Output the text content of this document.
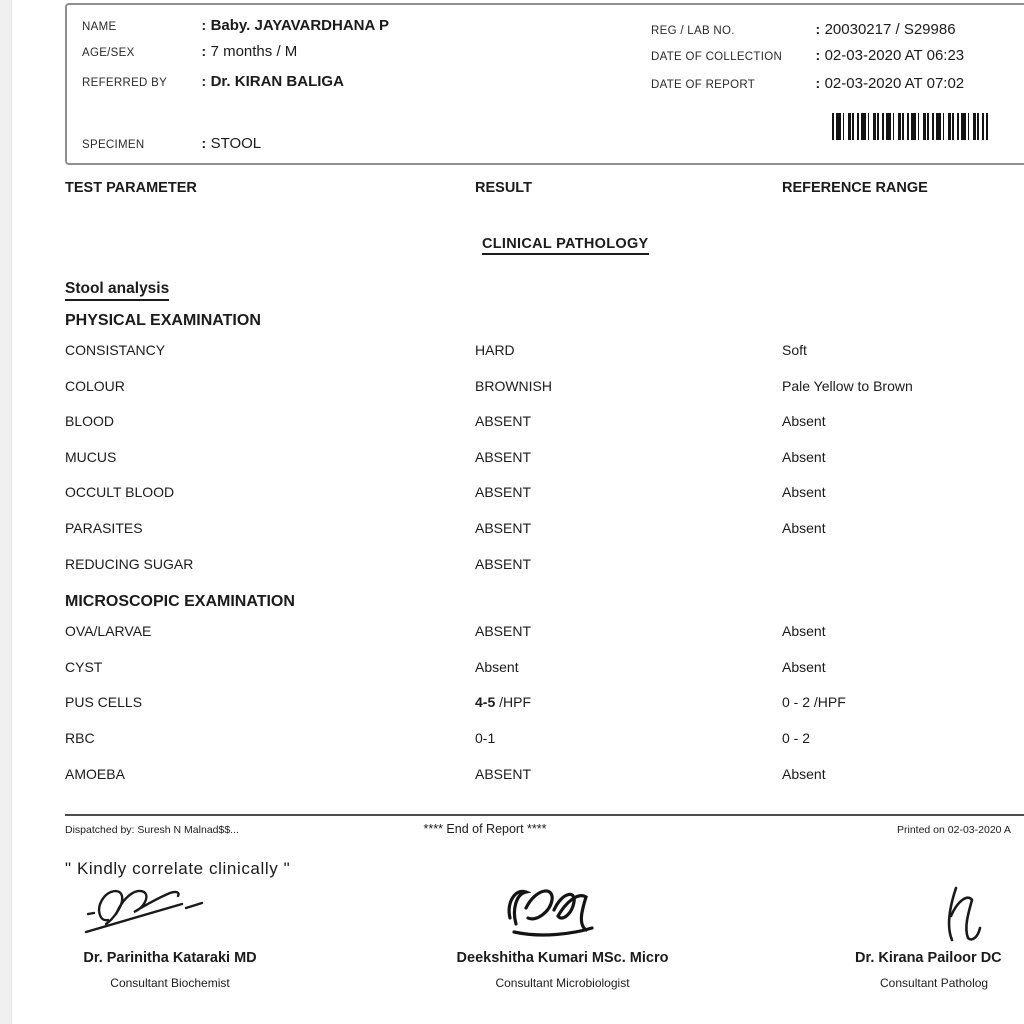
NAME	: Baby. JAYAVARDHANA P
AGE/SEX	: 7 months / M
REFERRED BY : Dr. KIRAN BALIGA
SPECIMEN	: STOOL
REG / LAB NO.	: 20030217 / S29986
DATE OF COLLECTION : 02-03-2020 AT 06:23
DATE OF REPORT	: 02-03-2020 AT 07:02
TEST PARAMETER	RESULT	REFERENCE RANGE
CLINICAL PATHOLOGY
Stool analysis
PHYSICAL EXAMINATION
CONSISTANCY	HARD	Soft
COLOUR	BROWNISH	Pale Yellow to Brown
BLOOD	ABSENT	Absent
MUCUS	ABSENT	Absent
OCCULT BLOOD	ABSENT	Absent
PARASITES	ABSENT	Absent
REDUCING SUGAR	ABSENT
MICROSCOPIC EXAMINATION
OVA/LARVAE	ABSENT	Absent
CYST	Absent	Absent
PUS CELLS	4-5 /HPF	0 - 2 /HPF
RBC	0-1	0 - 2
AMOEBA	ABSENT	Absent
Dispatched by: Suresh N Malnad$$...	**** End of Report ****	Printed on 02-03-2020 A
" Kindly correlate clinically "
Dr. Parinitha Kataraki MD
Consultant Biochemist
Deekshitha Kumari MSc. Micro
Consultant Microbiologist
Dr. Kirana Pailoor DC
Consultant Patholog
